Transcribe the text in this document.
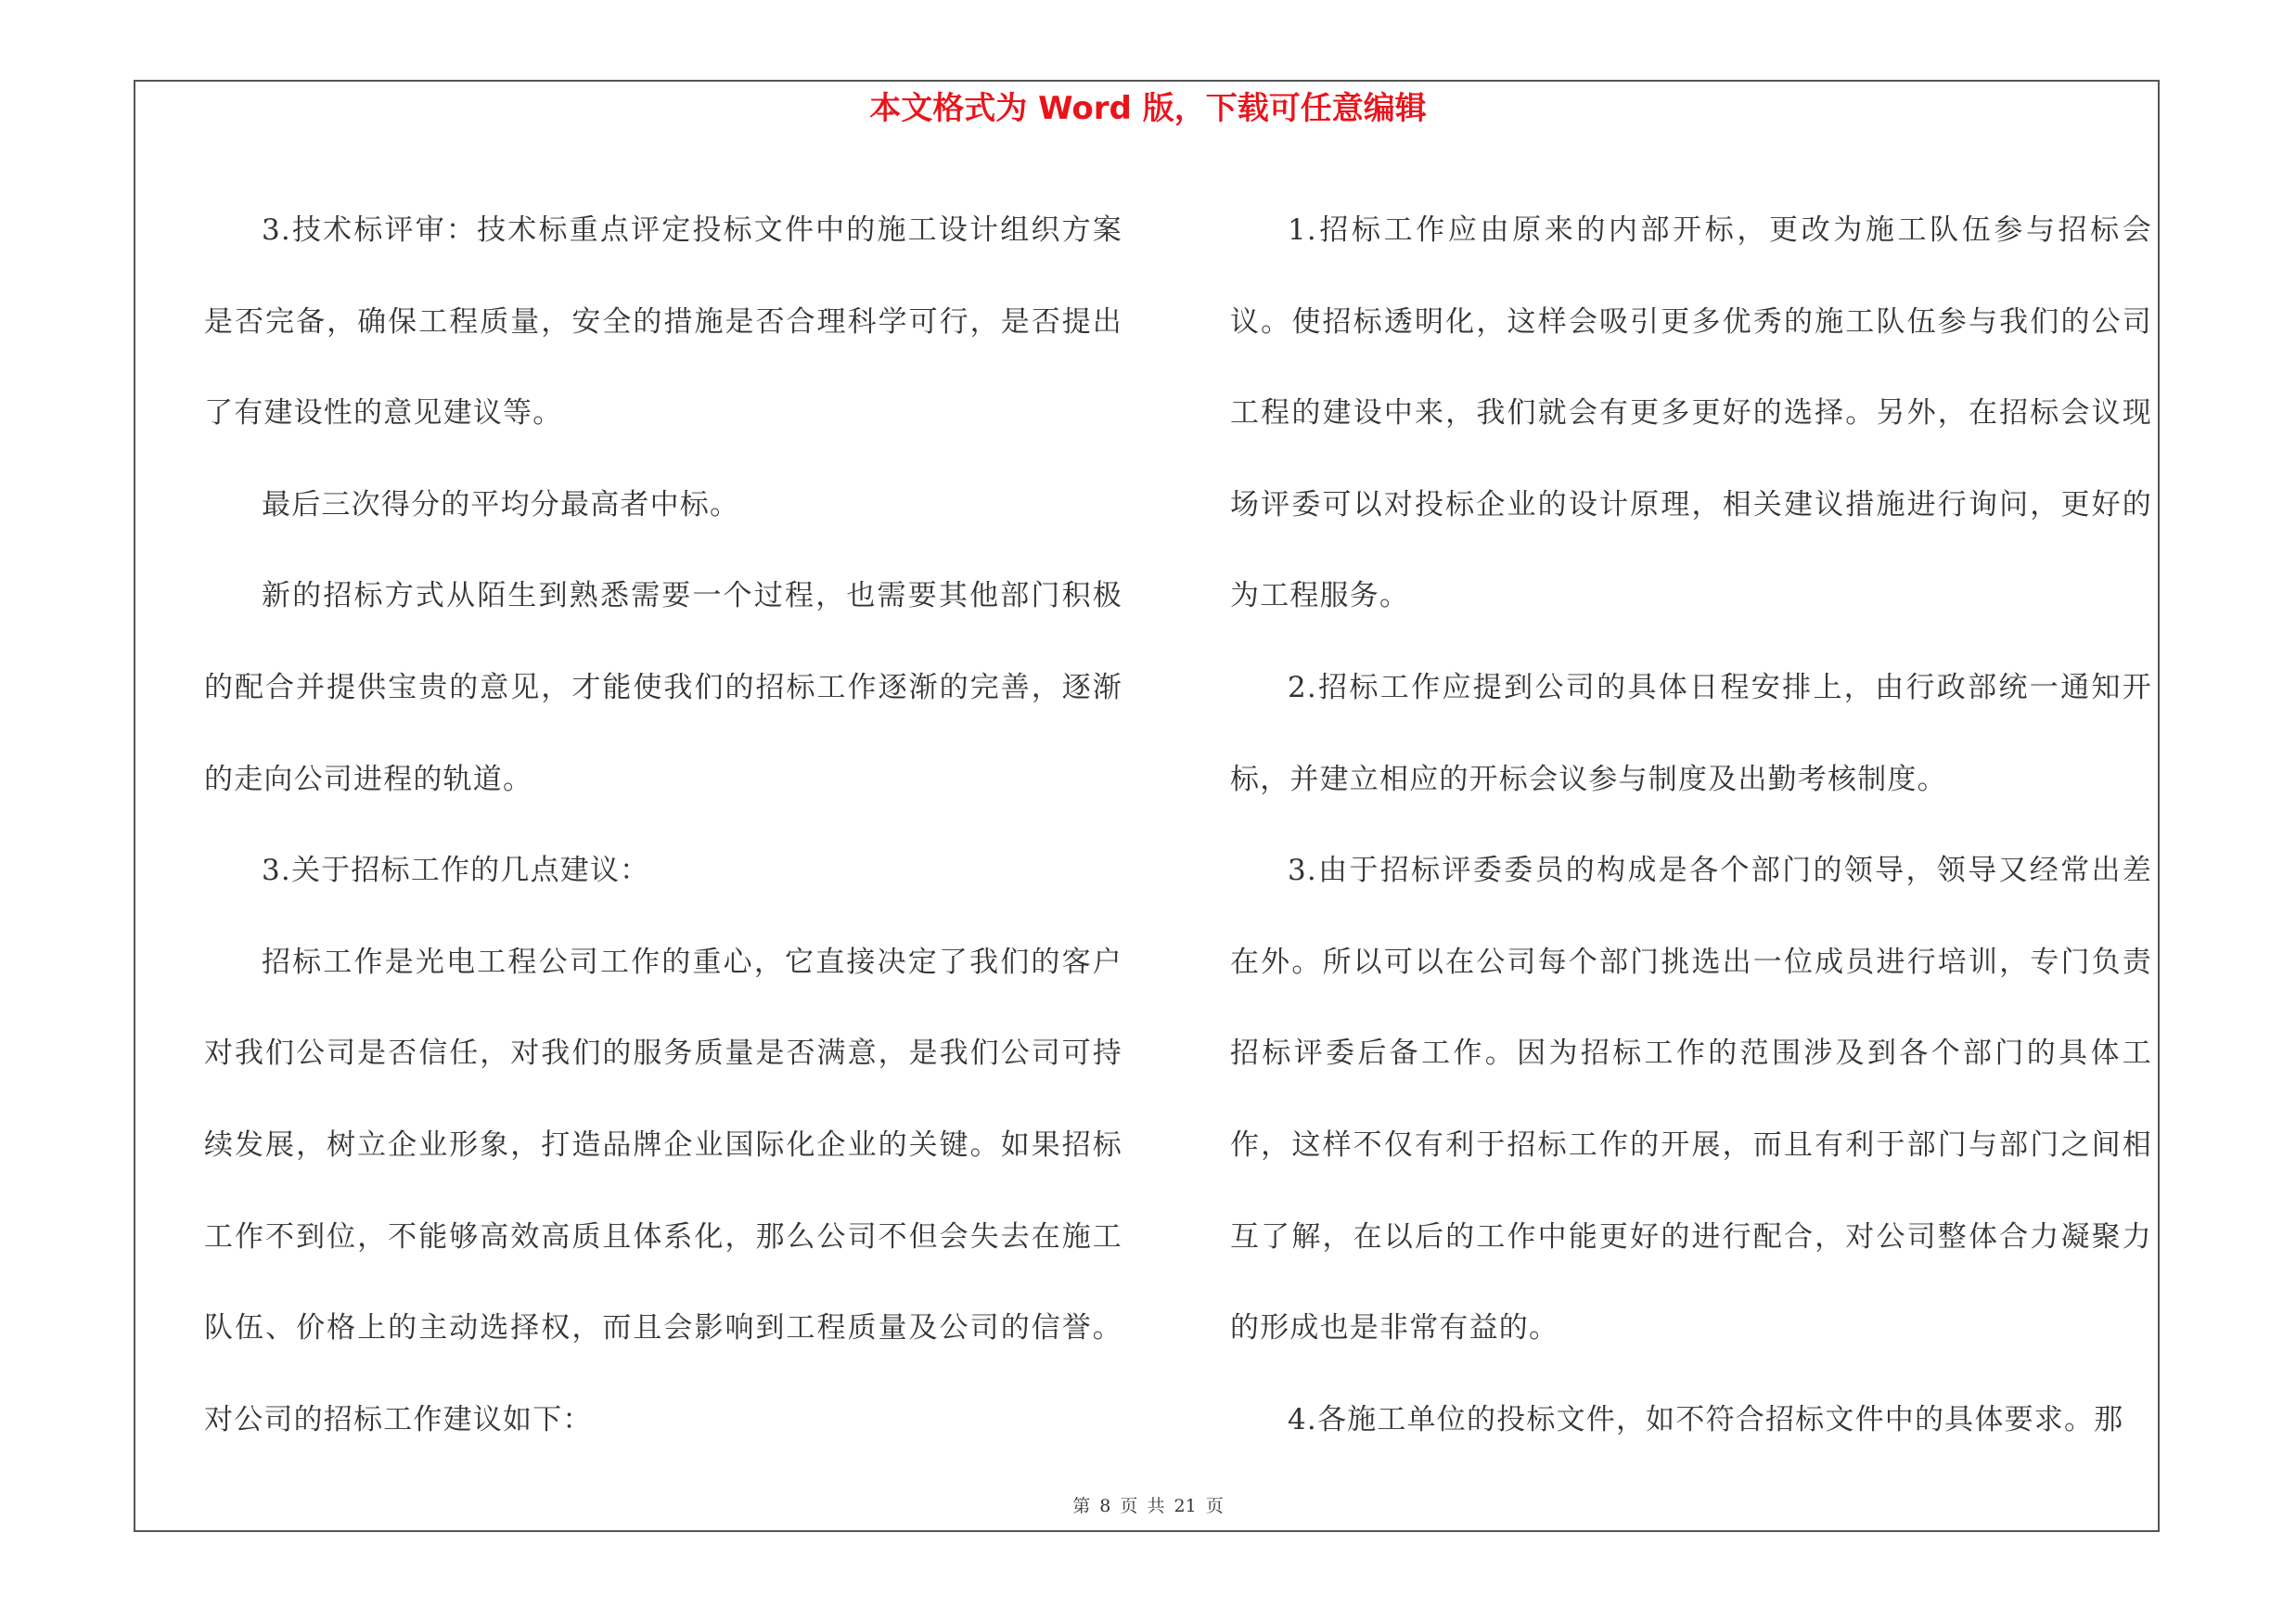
本文格式为 Word 版，下载可任意编辑

3.技术标评审：技术标重点评定投标文件中的施工设计组织方案是否完备，确保工程质量，安全的措施是否合理科学可行，是否提出了有建设性的意见建议等。

最后三次得分的平均分最高者中标。

新的招标方式从陌生到熟悉需要一个过程，也需要其他部门积极的配合并提供宝贵的意见，才能使我们的招标工作逐渐的完善，逐渐的走向公司进程的轨道。

3.关于招标工作的几点建议：

招标工作是光电工程公司工作的重心，它直接决定了我们的客户对我们公司是否信任，对我们的服务质量是否满意，是我们公司可持续发展，树立企业形象，打造品牌企业国际化企业的关键。如果招标工作不到位，不能够高效高质且体系化，那么公司不但会失去在施工队伍、价格上的主动选择权，而且会影响到工程质量及公司的信誉。对公司的招标工作建议如下：

1.招标工作应由原来的内部开标，更改为施工队伍参与招标会议。使招标透明化，这样会吸引更多优秀的施工队伍参与我们的公司工程的建设中来，我们就会有更多更好的选择。另外，在招标会议现场评委可以对投标企业的设计原理，相关建议措施进行询问，更好的为工程服务。

2.招标工作应提到公司的具体日程安排上，由行政部统一通知开标，并建立相应的开标会议参与制度及出勤考核制度。

3.由于招标评委委员的构成是各个部门的领导，领导又经常出差在外。所以可以在公司每个部门挑选出一位成员进行培训，专门负责招标评委后备工作。因为招标工作的范围涉及到各个部门的具体工作，这样不仅有利于招标工作的开展，而且有利于部门与部门之间相互了解，在以后的工作中能更好的进行配合，对公司整体合力凝聚力的形成也是非常有益的。

4.各施工单位的投标文件，如不符合招标文件中的具体要求。那

第 8 页 共 21 页
